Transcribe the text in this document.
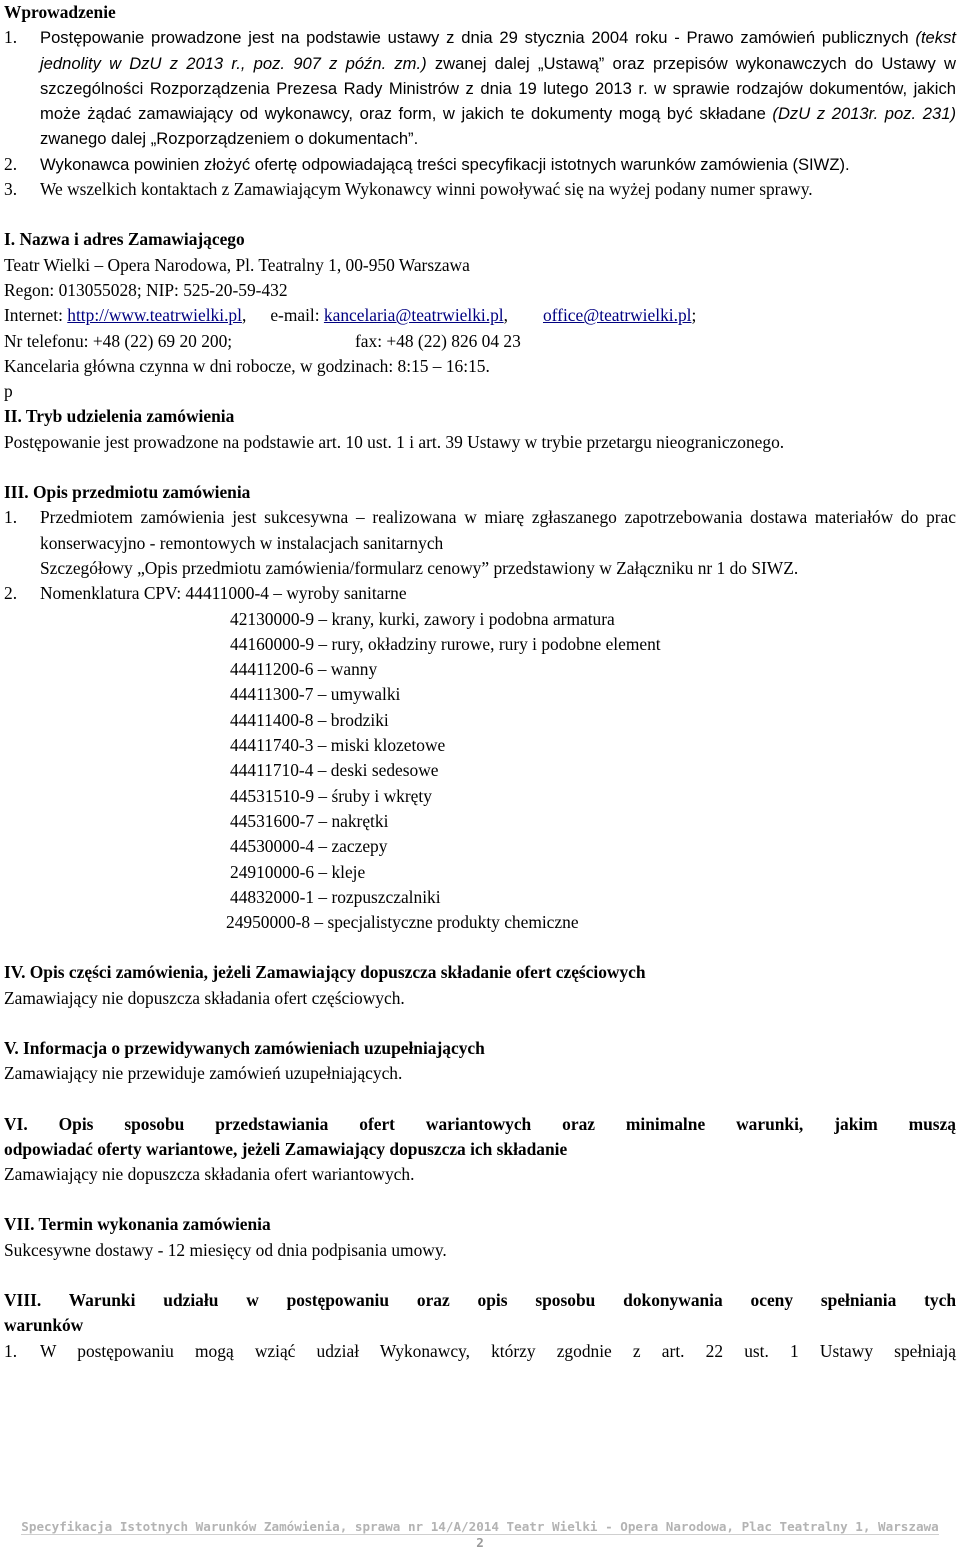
Wprowadzenie

1. Postępowanie prowadzone jest na podstawie ustawy z dnia 29 stycznia 2004 roku - Prawo zamówień publicznych (tekst jednolity w DzU z 2013 r., poz. 907 z późn. zm.) zwanej dalej „Ustawą” oraz przepisów wykonawczych do Ustawy w szczególności Rozporządzenia Prezesa Rady Ministrów z dnia 19 lutego 2013 r. w sprawie rodzajów dokumentów, jakich może żądać zamawiający od wykonawcy, oraz form, w jakich te dokumenty mogą być składane (DzU z 2013r. poz. 231) zwanego dalej „Rozporządzeniem o dokumentach”.

2. Wykonawca powinien złożyć ofertę odpowiadającą treści specyfikacji istotnych warunków zamówienia (SIWZ).

3. We wszelkich kontaktach z Zamawiającym Wykonawcy winni powoływać się na wyżej podany numer sprawy.

I. Nazwa i adres Zamawiającego

Teatr Wielki – Opera Narodowa, Pl. Teatralny 1, 00-950 Warszawa

Regon: 013055028; NIP: 525-20-59-432

Internet: http://www.teatrwielki.pl , e-mail: kancelaria@teatrwielki.pl , office@teatrwielki.pl ;
Nr telefonu: +48 (22) 69 20 200;	fax: +48 (22) 826 04 23

Kancelaria główna czynna w dni robocze, w godzinach: 8:15 – 16:15.

p

II. Tryb udzielenia zamówienia

Postępowanie jest prowadzone na podstawie art. 10 ust. 1 i art. 39 Ustawy w trybie przetargu nieograniczonego.

III. Opis przedmiotu zamówienia

1. Przedmiotem zamówienia jest sukcesywna – realizowana w miarę zgłaszanego zapotrzebowania dostawa materiałów do prac konserwacyjno - remontowych w instalacjach sanitarnych

Szczegółowy „Opis przedmiotu zamówienia/formularz cenowy” przedstawiony w Załączniku nr 1 do SIWZ.

2. Nomenklatura CPV: 44411000-4 – wyroby sanitarne
42130000-9 – krany, kurki, zawory i podobna armatura
44160000-9 – rury, okładziny rurowe, rury i podobne element
44411200-6 – wanny
44411300-7 – umywalki
44411400-8 – brodziki
44411740-3 – miski klozetowe
44411710-4 – deski sedesowe
44531510-9 – śruby i wkręty
44531600-7 – nakrętki
44530000-4 – zaczepy
24910000-6 – kleje
44832000-1 – rozpuszczalniki
24950000-8 – specjalistyczne produkty chemiczne

IV. Opis części zamówienia, jeżeli Zamawiający dopuszcza składanie ofert częściowych

Zamawiający nie dopuszcza składania ofert częściowych.

V. Informacja o przewidywanych zamówieniach uzupełniających

Zamawiający nie przewiduje zamówień uzupełniających.

VI. Opis sposobu przedstawiania ofert wariantowych oraz minimalne warunki, jakim muszą

odpowiadać oferty wariantowe, jeżeli Zamawiający dopuszcza ich składanie

Zamawiający nie dopuszcza składania ofert wariantowych.

VII. Termin wykonania zamówienia

Sukcesywne dostawy - 12 miesięcy od dnia podpisania umowy.

VIII. Warunki udziału w postępowaniu oraz opis sposobu dokonywania oceny spełniania tych

warunków

1. W postępowaniu mogą wziąć udział Wykonawcy, którzy zgodnie z art. 22 ust. 1 Ustawy spełniają

Specyfikacja Istotnych Warunków Zamówienia, sprawa nr 14/A/2014 Teatr Wielki - Opera Narodowa, Plac Teatralny 1, Warszawa
2
